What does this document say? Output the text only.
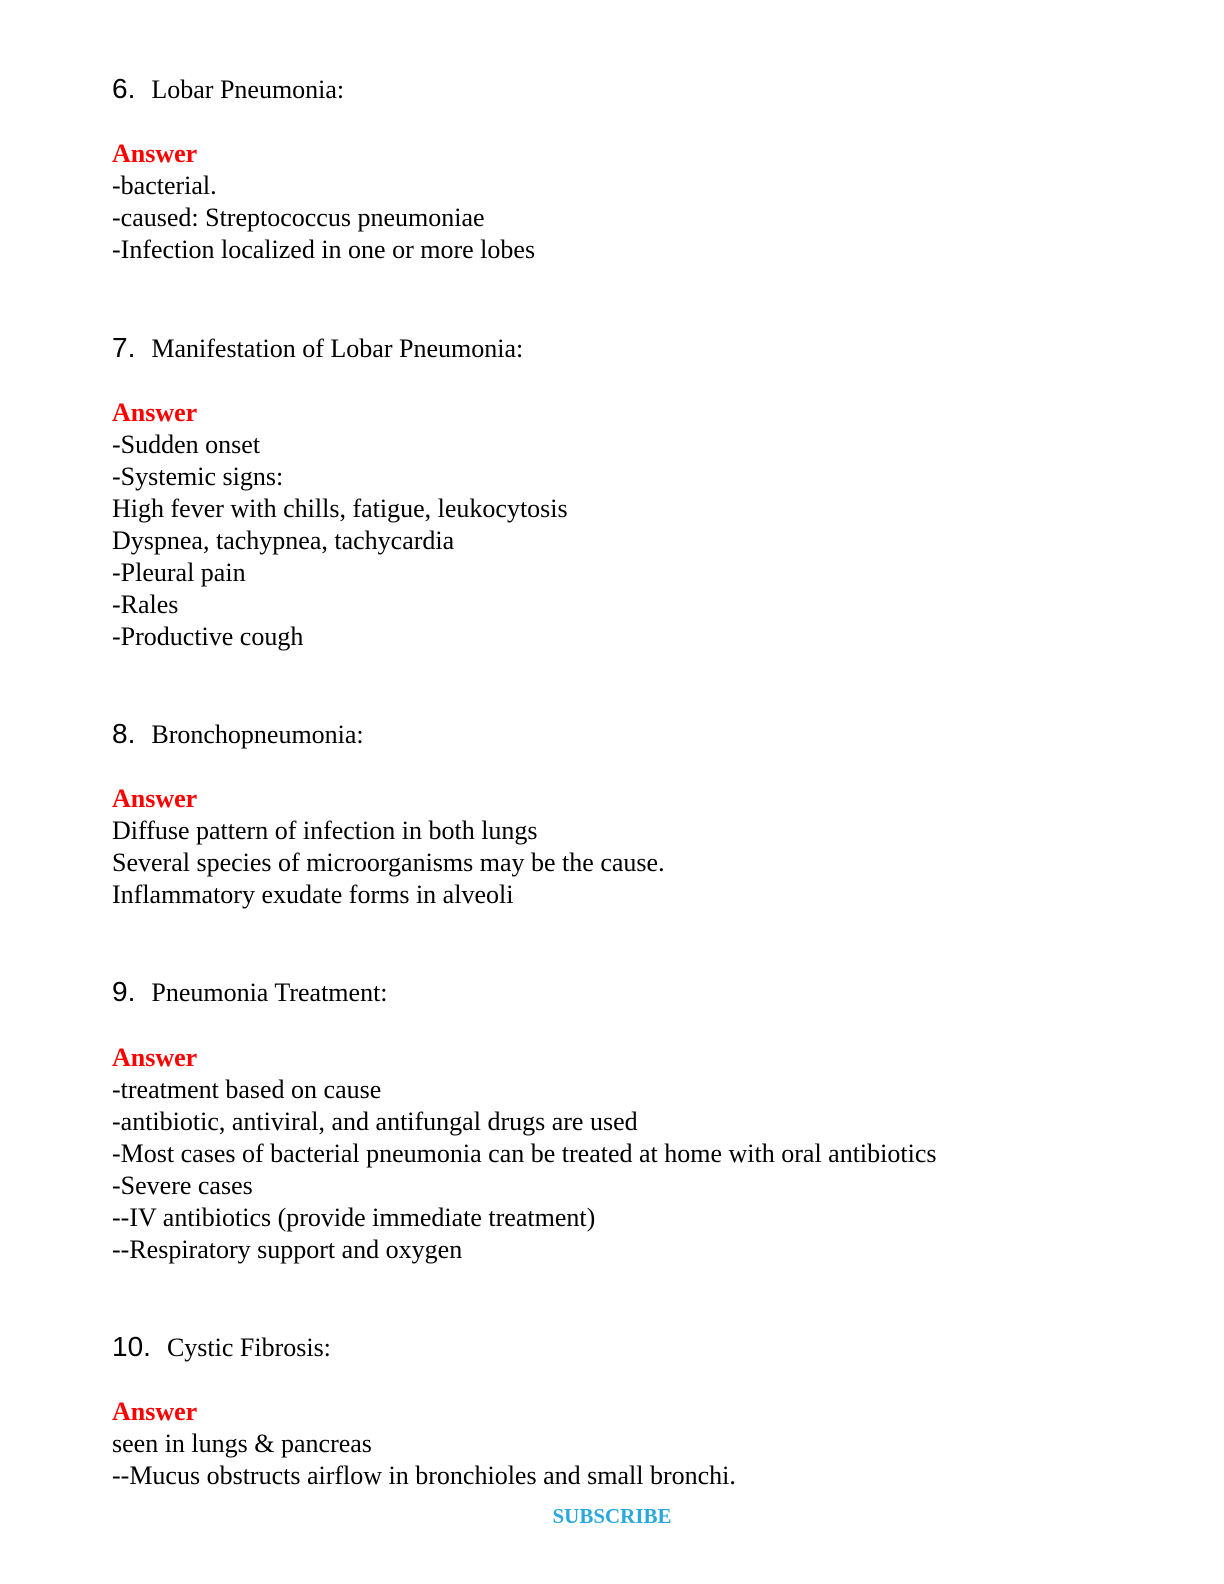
6. Lobar Pneumonia:
Answer
-bacterial.
-caused: Streptococcus pneumoniae
-Infection localized in one or more lobes
7. Manifestation of Lobar Pneumonia:
Answer
-Sudden onset
-Systemic signs:
High fever with chills, fatigue, leukocytosis
Dyspnea, tachypnea, tachycardia
-Pleural pain
-Rales
-Productive cough
8. Bronchopneumonia:
Answer
Diffuse pattern of infection in both lungs
Several species of microorganisms may be the cause.
Inflammatory exudate forms in alveoli
9. Pneumonia Treatment:
Answer
-treatment based on cause
-antibiotic, antiviral, and antifungal drugs are used
-Most cases of bacterial pneumonia can be treated at home with oral antibiotics
-Severe cases
--IV antibiotics (provide immediate treatment)
--Respiratory support and oxygen
10. Cystic Fibrosis:
Answer
seen in lungs & pancreas
--Mucus obstructs airflow in bronchioles and small bronchi.
SUBSCRIBE
